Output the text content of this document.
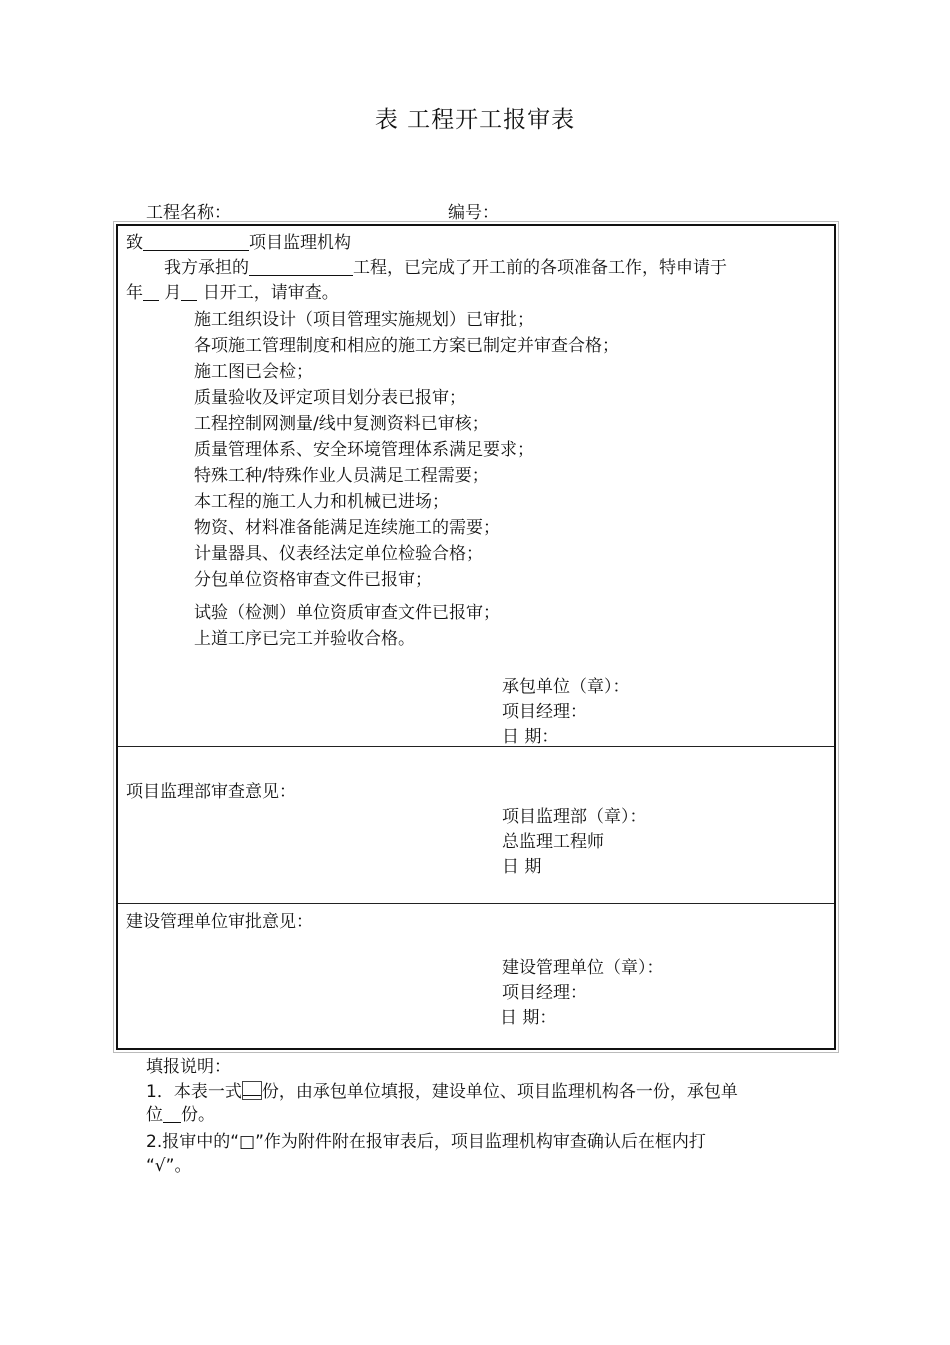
表 工程开工报审表
工程名称：	编号：
致	项目监理机构
我方承担的	工程，已完成了开工前的各项准备工作，特申请于
年 月 日开工，请审查。
施工组织设计（项目管理实施规划）已审批；
各项施工管理制度和相应的施工方案已制定并审查合格；
施工图已会检；
质量验收及评定项目划分表已报审；
工程控制网测量/线中复测资料已审核；
质量管理体系、安全环境管理体系满足要求；
特殊工种/特殊作业人员满足工程需要；
本工程的施工人力和机械已进场；
物资、材料准备能满足连续施工的需要；
计量器具、仪表经法定单位检验合格；
分包单位资格审查文件已报审；
试验（检测）单位资质审查文件已报审；
上道工序已完工并验收合格。
承包单位（章）：
项目经理：
日 期：
项目监理部审查意见：
项目监理部（章）：
总监理工程师
日 期
建设管理单位审批意见：
建设管理单位（章）：
项目经理：
日 期：
填报说明：
1．本表一式 份，由承包单位填报，建设单位、项目监理机构各一份，承包单
位 份。
2.报审中的“□”作为附件附在报审表后，项目监理机构审查确认后在框内打
“√”。
